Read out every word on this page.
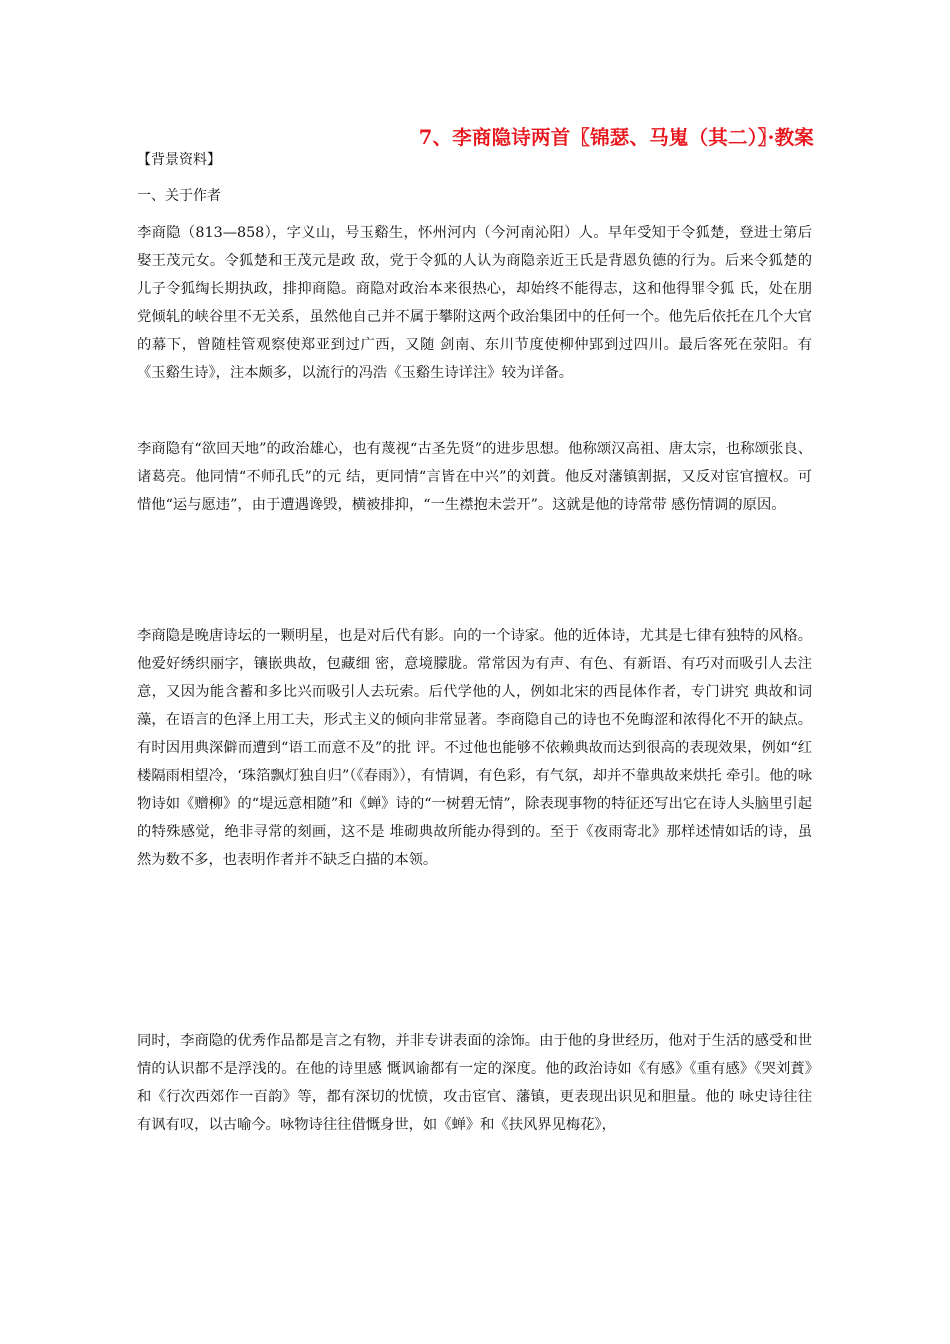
7、李商隐诗两首〖锦瑟、马嵬（其二）〗·教案
【背景资料】
一、关于作者
李商隐（813—858），字义山，号玉谿生，怀州河内（今河南沁阳）人。早年受知于令狐楚，登进士第后娶王茂元女。令狐楚和王茂元是政 敌，党于令狐的人认为商隐亲近王氏是背恩负德的行为。后来令狐楚的儿子令狐绹长期执政，排抑商隐。商隐对政治本来很热心，却始终不能得志，这和他得罪令狐 氏，处在朋党倾轧的峡谷里不无关系，虽然他自己并不属于攀附这两个政治集团中的任何一个。他先后依托在几个大官的幕下，曾随桂管观察使郑亚到过广西，又随 剑南、东川节度使柳仲郢到过四川。最后客死在荥阳。有《玉谿生诗》，注本颇多，以流行的冯浩《玉谿生诗详注》较为详备。
李商隐有“欲回天地”的政治雄心，也有蔑视“古圣先贤”的进步思想。他称颂汉高祖、唐太宗，也称颂张良、诸葛亮。他同情“不师孔氏”的元 结，更同情“言皆在中兴”的刘蕡。他反对藩镇割据，又反对宦官擅权。可惜他“运与愿违”，由于遭遇谗毁，横被排抑，“一生襟抱未尝开”。这就是他的诗常带 感伤情调的原因。
李商隐是晚唐诗坛的一颗明星，也是对后代有影。向的一个诗家。他的近体诗，尤其是七律有独特的风格。他爱好绣织丽字，镶嵌典故，包藏细 密，意境朦胧。常常因为有声、有色、有新语、有巧对而吸引人去注意，又因为能含蓄和多比兴而吸引人去玩索。后代学他的人，例如北宋的西昆体作者，专门讲究 典故和词藻，在语言的色泽上用工夫，形式主义的倾向非常显著。李商隐自己的诗也不免晦涩和浓得化不开的缺点。有时因用典深僻而遭到“语工而意不及”的批 评。不过他也能够不依赖典故而达到很高的表现效果，例如“红楼隔雨相望冷，‘珠箔飘灯独自归”（《春雨》），有情调，有色彩，有气氛，却并不靠典故来烘托 牵引。他的咏物诗如《赠柳》的“堤远意相随”和《蝉》诗的“一树碧无情”，除表现事物的特征还写出它在诗人头脑里引起的特殊感觉，绝非寻常的刻画，这不是 堆砌典故所能办得到的。至于《夜雨寄北》那样述情如话的诗，虽然为数不多，也表明作者并不缺乏白描的本领。
同时，李商隐的优秀作品都是言之有物，并非专讲表面的涂饰。由于他的身世经历，他对于生活的感受和世情的认识都不是浮浅的。在他的诗里感 慨讽谕都有一定的深度。他的政治诗如《有感》《重有感》《哭刘蕡》和《行次西郊作一百韵》等，都有深切的忧愤，攻击宦官、藩镇，更表现出识见和胆量。他的 咏史诗往往有讽有叹，以古喻今。咏物诗往往借慨身世，如《蝉》和《扶风界见梅花》，
